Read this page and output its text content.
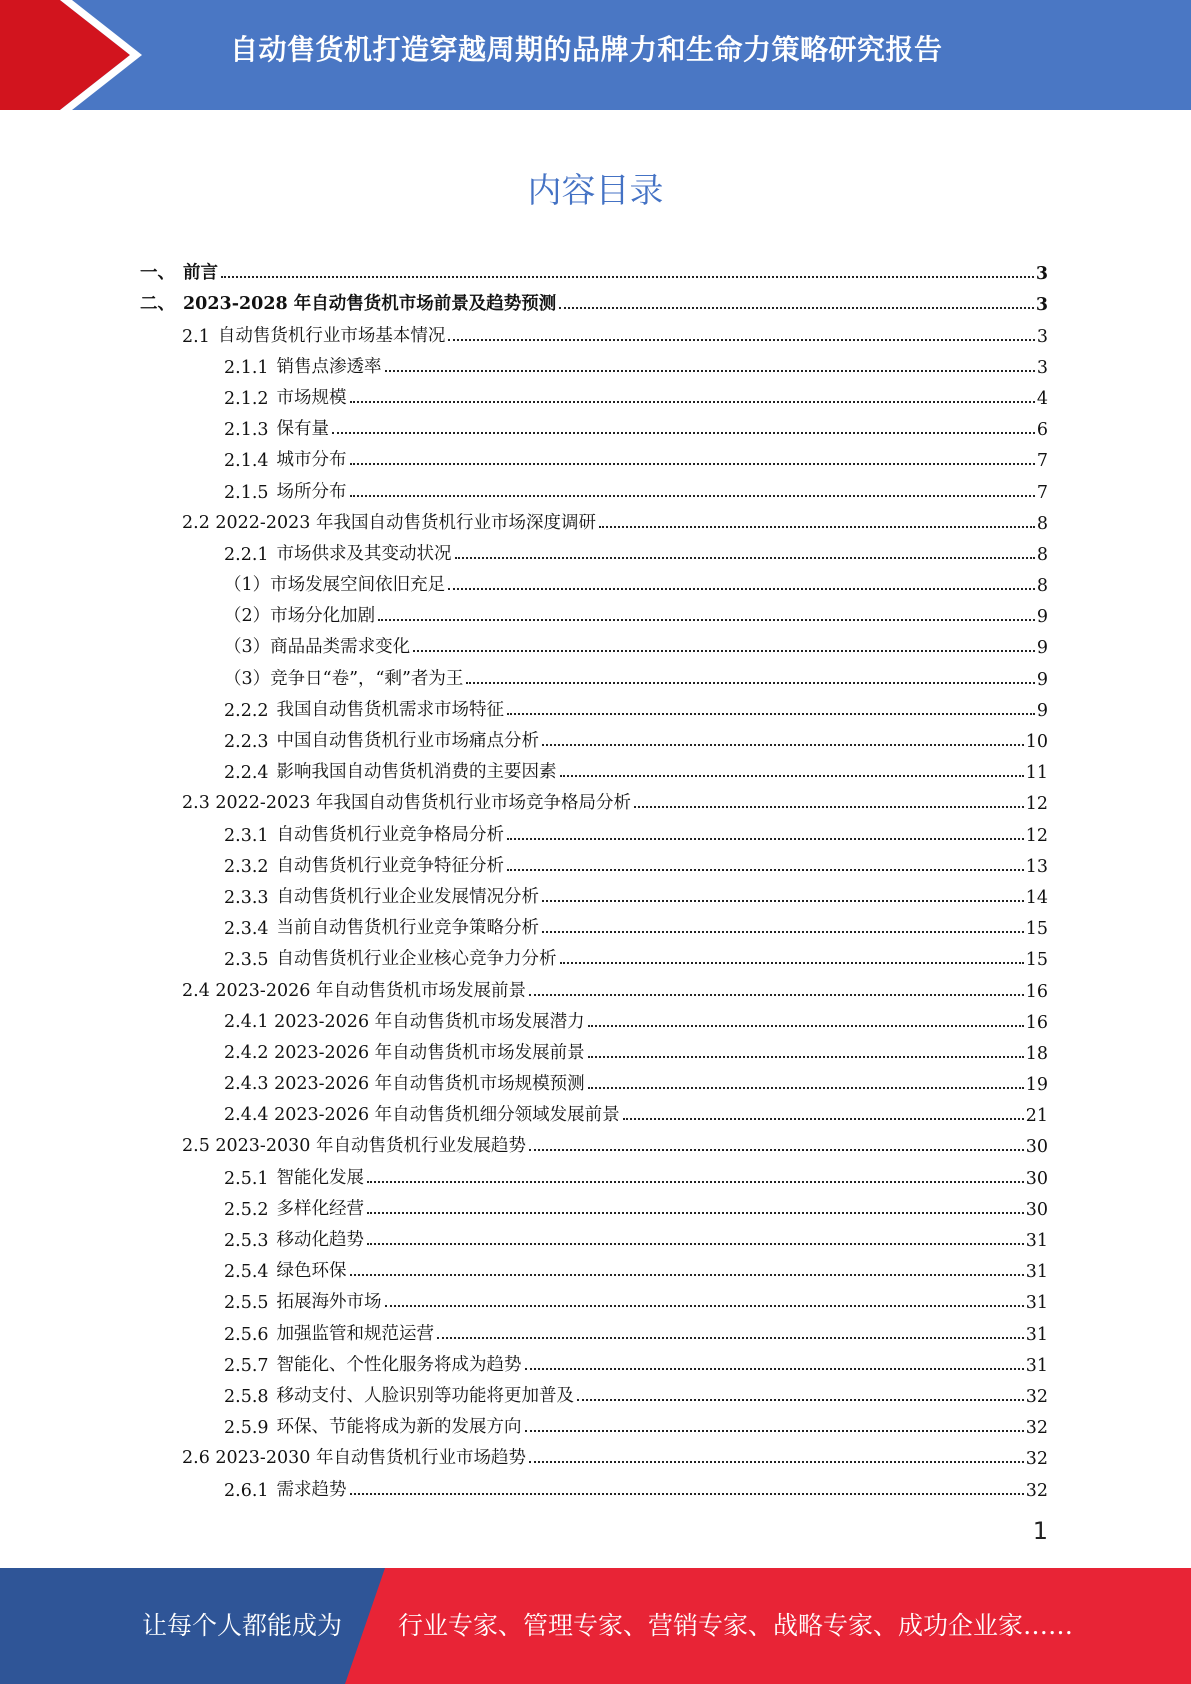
自动售货机打造穿越周期的品牌力和生命力策略研究报告
内容目录
一、 前言	3
二、 2023-2028 年自动售货机市场前景及趋势预测	3
2.1 自动售货机行业市场基本情况	3
2.1.1 销售点渗透率	3
2.1.2 市场规模	4
2.1.3 保有量	6
2.1.4 城市分布	7
2.1.5 场所分布	7
2.2 2022-2023 年我国自动售货机行业市场深度调研	8
2.2.1 市场供求及其变动状况	8
（1）市场发展空间依旧充足	8
（2）市场分化加剧	9
（3）商品品类需求变化	9
（3）竞争日“卷”，“剩”者为王	9
2.2.2 我国自动售货机需求市场特征	9
2.2.3 中国自动售货机行业市场痛点分析	10
2.2.4 影响我国自动售货机消费的主要因素	11
2.3 2022-2023 年我国自动售货机行业市场竞争格局分析	12
2.3.1 自动售货机行业竞争格局分析	12
2.3.2 自动售货机行业竞争特征分析	13
2.3.3 自动售货机行业企业发展情况分析	14
2.3.4 当前自动售货机行业竞争策略分析	15
2.3.5 自动售货机行业企业核心竞争力分析	15
2.4 2023-2026 年自动售货机市场发展前景	16
2.4.1 2023-2026 年自动售货机市场发展潜力	16
2.4.2 2023-2026 年自动售货机市场发展前景	18
2.4.3 2023-2026 年自动售货机市场规模预测	19
2.4.4 2023-2026 年自动售货机细分领域发展前景	21
2.5 2023-2030 年自动售货机行业发展趋势	30
2.5.1 智能化发展	30
2.5.2 多样化经营	30
2.5.3 移动化趋势	31
2.5.4 绿色环保	31
2.5.5 拓展海外市场	31
2.5.6 加强监管和规范运营	31
2.5.7 智能化、个性化服务将成为趋势	31
2.5.8 移动支付、人脸识别等功能将更加普及	32
2.5.9 环保、节能将成为新的发展方向	32
2.6 2023-2030 年自动售货机行业市场趋势	32
2.6.1 需求趋势	32
1
让每个人都能成为 行业专家、管理专家、营销专家、战略专家、成功企业家……
